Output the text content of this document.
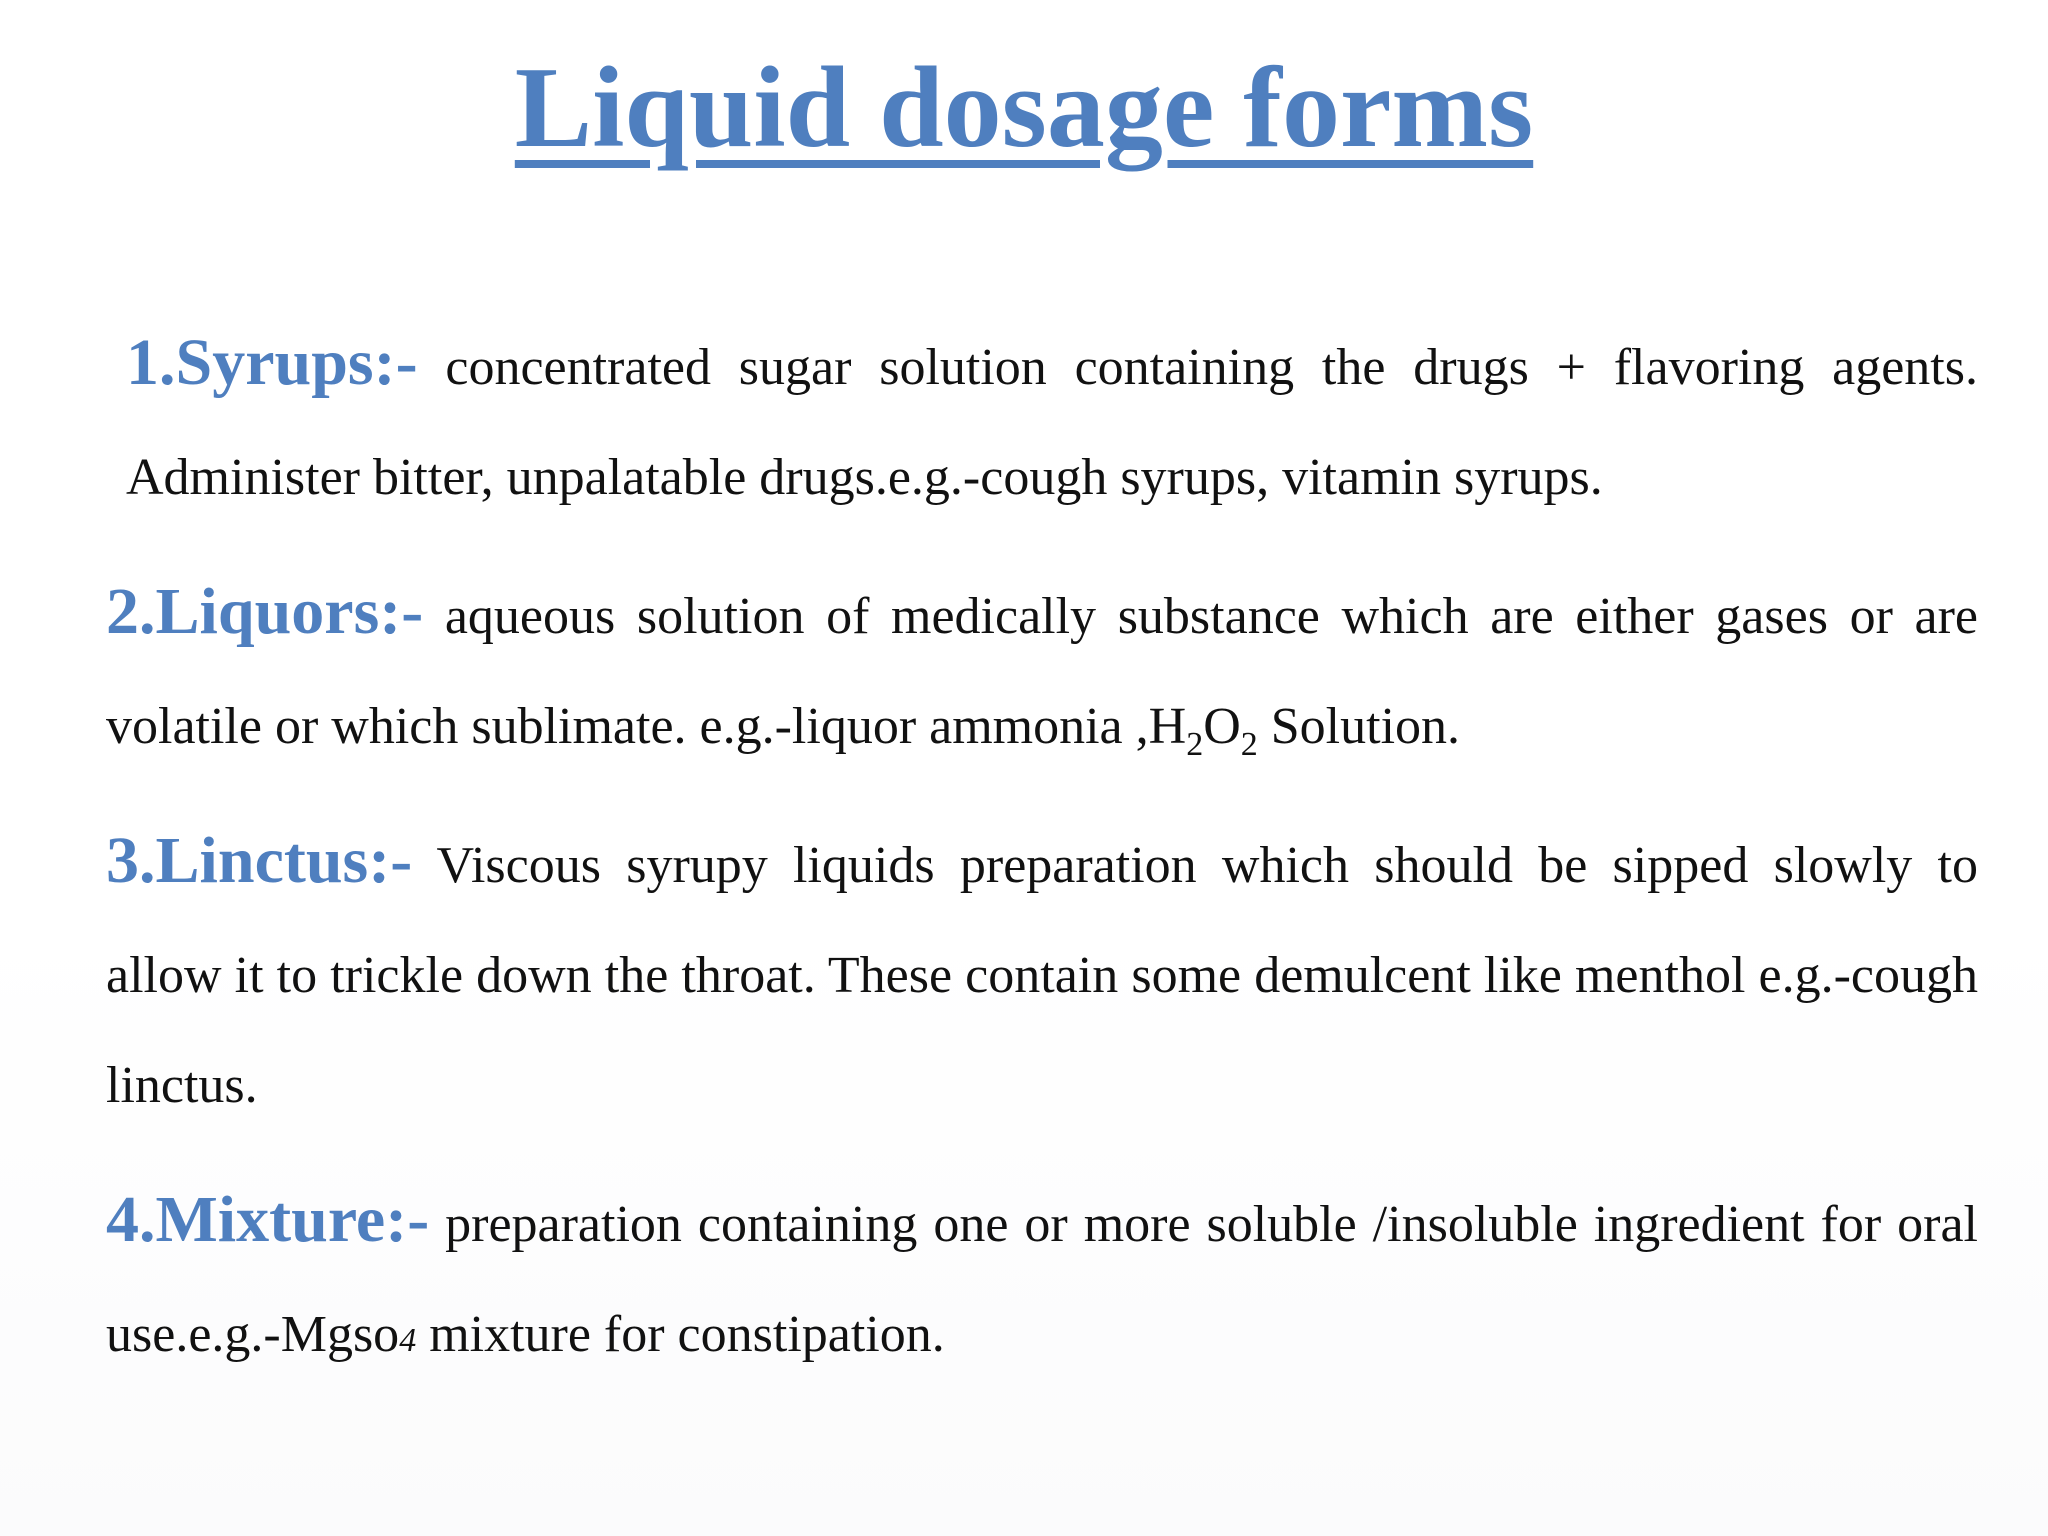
Liquid dosage forms

1.Syrups:- concentrated sugar solution containing the drugs + flavoring agents. Administer bitter, unpalatable drugs.e.g.-cough syrups, vitamin syrups.

2.Liquors:- aqueous solution of medically substance which are either gases or are volatile or which sublimate. e.g.-liquor ammonia $,H_2O_2$ Solution.

3.Linctus:- Viscous syrupy liquids preparation which should be sipped slowly to allow it to trickle down the throat. These contain some demulcent like menthol e.g.-cough linctus.

4.Mixture:- preparation containing one or more soluble /insoluble ingredient for oral use.e.g.-Mgso4 mixture for constipation.
